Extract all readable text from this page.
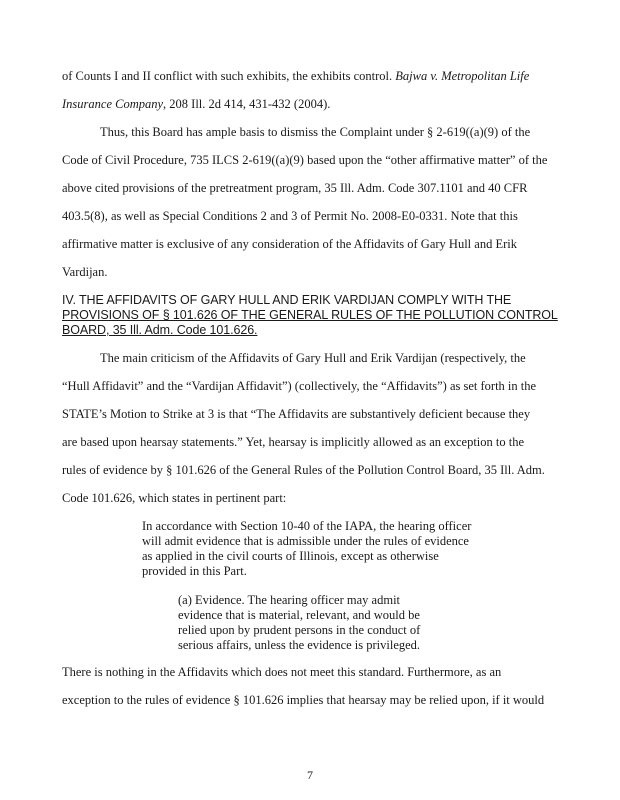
of Counts I and II conflict with such exhibits, the exhibits control. Bajwa v. Metropolitan Life
Insurance Company, 208 Ill. 2d 414, 431-432 (2004).
Thus, this Board has ample basis to dismiss the Complaint under § 2-619((a)(9) of the
Code of Civil Procedure, 735 ILCS 2-619((a)(9) based upon the “other affirmative matter” of the
above cited provisions of the pretreatment program, 35 Ill. Adm. Code 307.1101 and 40 CFR
403.5(8), as well as Special Conditions 2 and 3 of Permit No. 2008-E0-0331. Note that this
affirmative matter is exclusive of any consideration of the Affidavits of Gary Hull and Erik
Vardijan.
IV. THE AFFIDAVITS OF GARY HULL AND ERIK VARDIJAN COMPLY WITH THE
PROVISIONS OF § 101.626 OF THE GENERAL RULES OF THE POLLUTION CONTROL
BOARD, 35 Ill. Adm. Code 101.626.
The main criticism of the Affidavits of Gary Hull and Erik Vardijan (respectively, the
“Hull Affidavit” and the “Vardijan Affidavit”) (collectively, the “Affidavits”) as set forth in the
STATE’s Motion to Strike at 3 is that “The Affidavits are substantively deficient because they
are based upon hearsay statements.” Yet, hearsay is implicitly allowed as an exception to the
rules of evidence by § 101.626 of the General Rules of the Pollution Control Board, 35 Ill. Adm.
Code 101.626, which states in pertinent part:
In accordance with Section 10-40 of the IAPA, the hearing officer
will admit evidence that is admissible under the rules of evidence
as applied in the civil courts of Illinois, except as otherwise
provided in this Part.
(a) Evidence. The hearing officer may admit
evidence that is material, relevant, and would be
relied upon by prudent persons in the conduct of
serious affairs, unless the evidence is privileged.
There is nothing in the Affidavits which does not meet this standard. Furthermore, as an
exception to the rules of evidence § 101.626 implies that hearsay may be relied upon, if it would
7
